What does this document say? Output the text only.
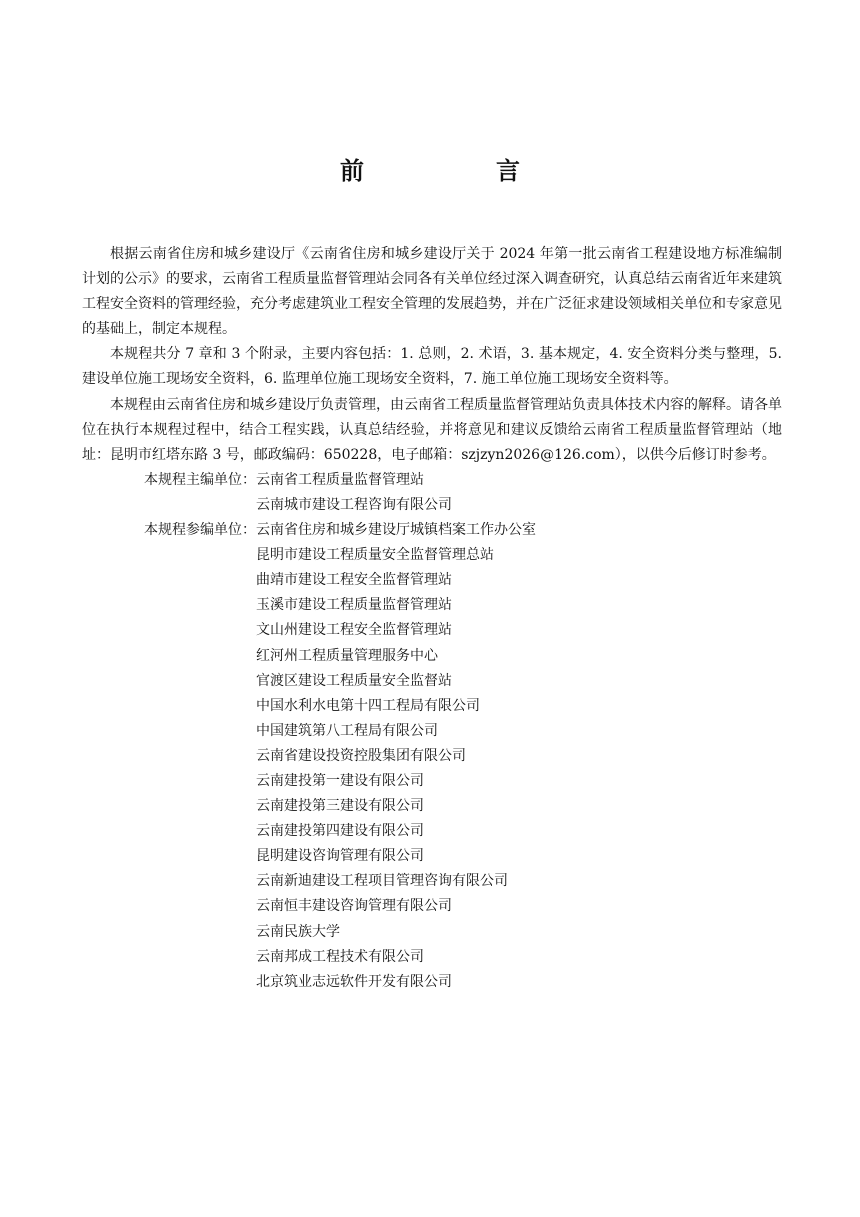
前　言

根据云南省住房和城乡建设厅《云南省住房和城乡建设厅关于 2024 年第一批云南省工程建设地方标准编制计划的公示》的要求，云南省工程质量监督管理站会同各有关单位经过深入调查研究，认真总结云南省近年来建筑工程安全资料的管理经验，充分考虑建筑业工程安全管理的发展趋势，并在广泛征求建设领域相关单位和专家意见的基础上，制定本规程。

本规程共分 7 章和 3 个附录，主要内容包括：1. 总则，2. 术语，3. 基本规定，4. 安全资料分类与整理，5. 建设单位施工现场安全资料，6. 监理单位施工现场安全资料，7. 施工单位施工现场安全资料等。

本规程由云南省住房和城乡建设厅负责管理，由云南省工程质量监督管理站负责具体技术内容的解释。请各单位在执行本规程过程中，结合工程实践，认真总结经验，并将意见和建议反馈给云南省工程质量监督管理站（地址：昆明市红塔东路 3 号，邮政编码：650228，电子邮箱：szjzyn2026@126.com），以供今后修订时参考。

本规程主编单位： 云南省工程质量监督管理站
云南城市建设工程咨询有限公司
本规程参编单位： 云南省住房和城乡建设厅城镇档案工作办公室
昆明市建设工程质量安全监督管理总站
曲靖市建设工程安全监督管理站
玉溪市建设工程质量监督管理站
文山州建设工程安全监督管理站
红河州工程质量管理服务中心
官渡区建设工程质量安全监督站
中国水利水电第十四工程局有限公司
中国建筑第八工程局有限公司
云南省建设投资控股集团有限公司
云南建投第一建设有限公司
云南建投第三建设有限公司
云南建投第四建设有限公司
昆明建设咨询管理有限公司
云南新迪建设工程项目管理咨询有限公司
云南恒丰建设咨询管理有限公司
云南民族大学
云南邦成工程技术有限公司
北京筑业志远软件开发有限公司
